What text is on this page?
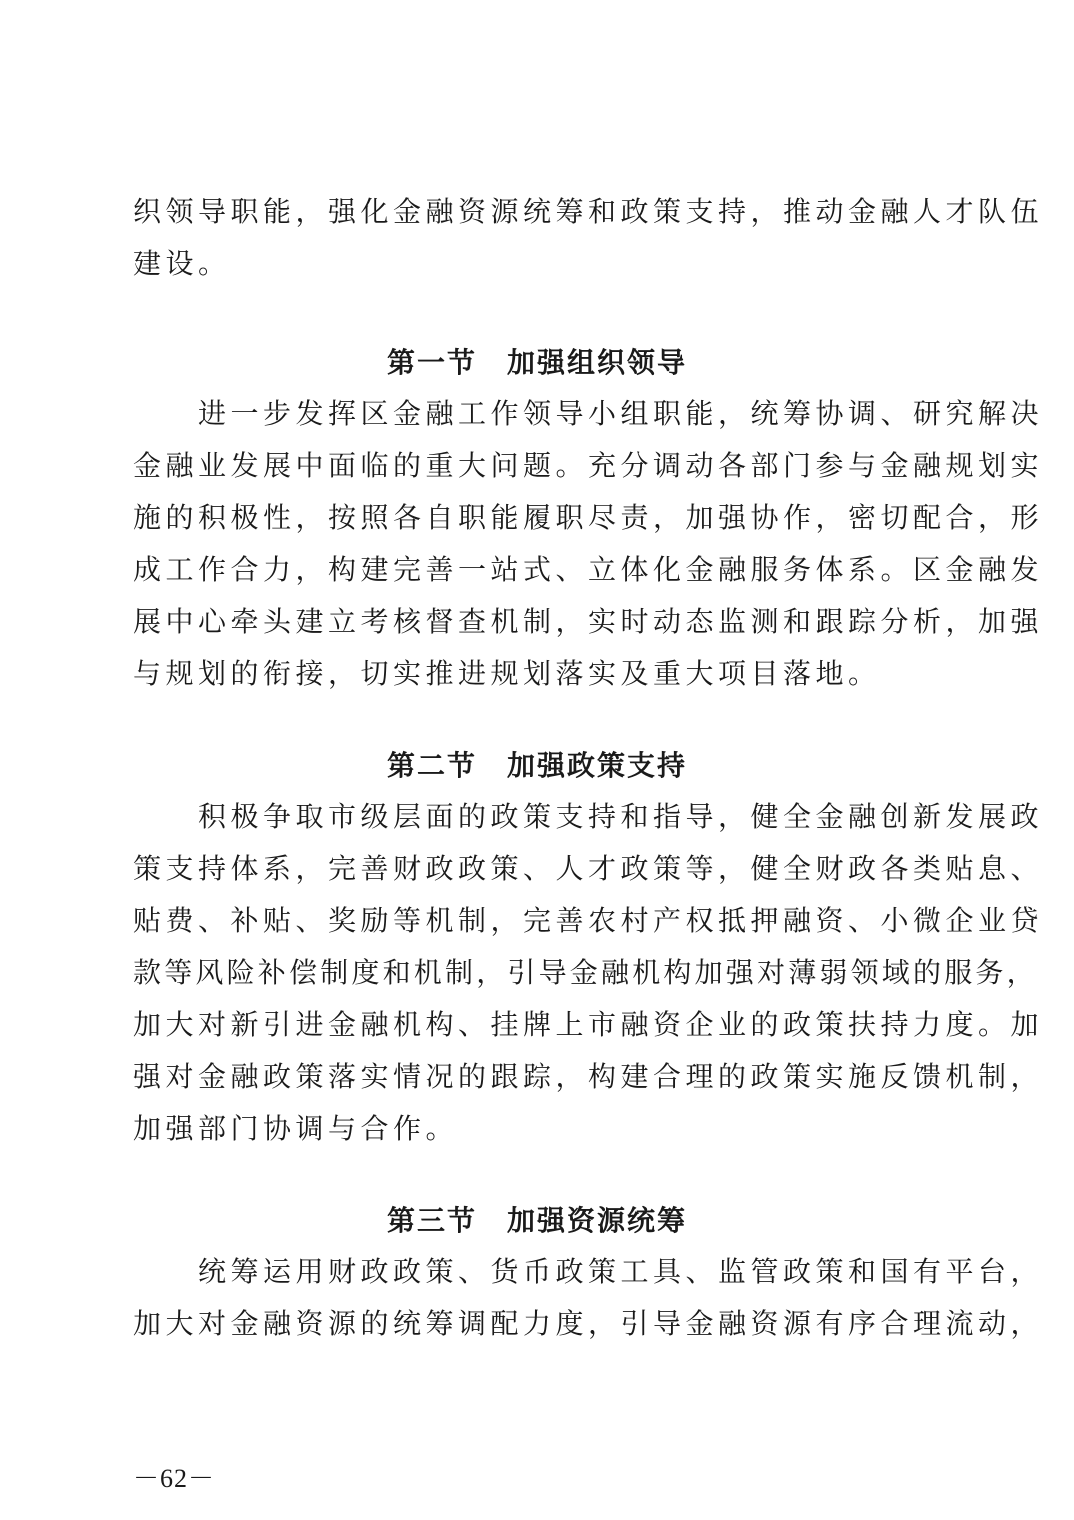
织领导职能，强化金融资源统筹和政策支持，推动金融人才队伍
建设。
第一节　加强组织领导
　　进一步发挥区金融工作领导小组职能，统筹协调、研究解决
金融业发展中面临的重大问题。充分调动各部门参与金融规划实
施的积极性，按照各自职能履职尽责，加强协作，密切配合，形
成工作合力，构建完善一站式、立体化金融服务体系。区金融发
展中心牵头建立考核督查机制，实时动态监测和跟踪分析，加强
与规划的衔接，切实推进规划落实及重大项目落地。
第二节　加强政策支持
　　积极争取市级层面的政策支持和指导，健全金融创新发展政
策支持体系，完善财政政策、人才政策等，健全财政各类贴息、
贴费、补贴、奖励等机制，完善农村产权抵押融资、小微企业贷
款等风险补偿制度和机制，引导金融机构加强对薄弱领域的服务，
加大对新引进金融机构、挂牌上市融资企业的政策扶持力度。加
强对金融政策落实情况的跟踪，构建合理的政策实施反馈机制，
加强部门协调与合作。
第三节　加强资源统筹
　　统筹运用财政政策、货币政策工具、监管政策和国有平台，
加大对金融资源的统筹调配力度，引导金融资源有序合理流动，
－62－
